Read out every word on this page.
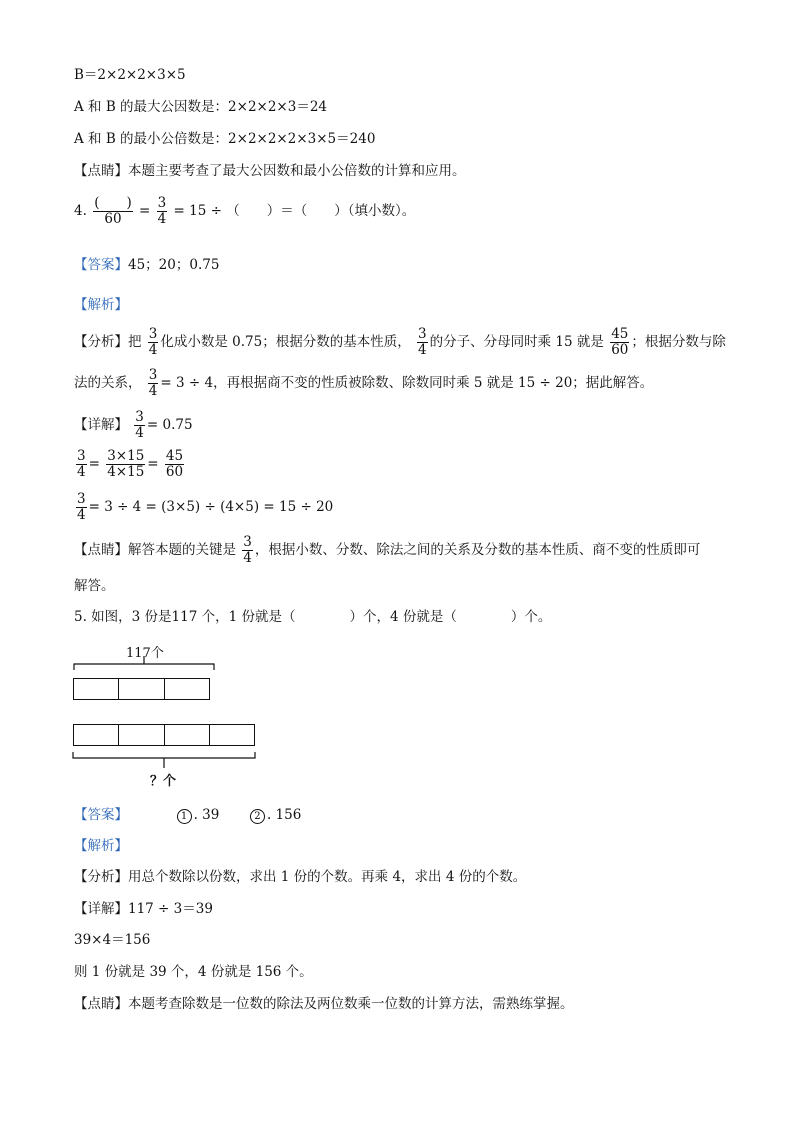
B＝2×2×2×3×5
A 和 B 的最大公因数是：2×2×2×3＝24
A 和 B 的最小公倍数是：2×2×2×2×3×5＝240
【点睛】本题主要考查了最大公因数和最小公倍数的计算和应用。
4. $\frac{( )}{60} = \frac{3}{4} = 15$ ÷ （　　）＝（　　）（填小数）。
【答案】45；20；0.75
【解析】
【分析】把 $\frac{3}{4}$ 化成小数是 0.75；根据分数的基本性质， $\frac{3}{4}$ 的分子、分母同时乘 15 就是 $\frac{45}{60}$ ；根据分数与除
法的关系， $\frac{3}{4} = 3 \div 4$，再根据商不变的性质被除数、除数同时乘 5 就是 15 ÷ 20；据此解答。
【详解】 $\frac{3}{4} = 0.75$
$\frac{3}{4} = \frac{3\times 15}{4\times 15} = \frac{45}{60}$
$\frac{3}{4} = 3 \div 4 = (3\times 5) \div (4\times 5) = 15 \div 20$
【点睛】解答本题的关键是 $\frac{3}{4}$ ，根据小数、分数、除法之间的关系及分数的基本性质、商不变的性质即可
解答。
5. 如图，3 份是117 个，1 份就是（　　　　）个，4 份就是（　　　　）个。
117个
？个
【答案】	1 . 39	2 . 156
【解析】
【分析】用总个数除以份数，求出 1 份的个数。再乘 4，求出 4 份的个数。
【详解】117 ÷ 3＝39
39×4＝156
则 1 份就是 39 个，4 份就是 156 个。
【点睛】本题考查除数是一位数的除法及两位数乘一位数的计算方法，需熟练掌握。
